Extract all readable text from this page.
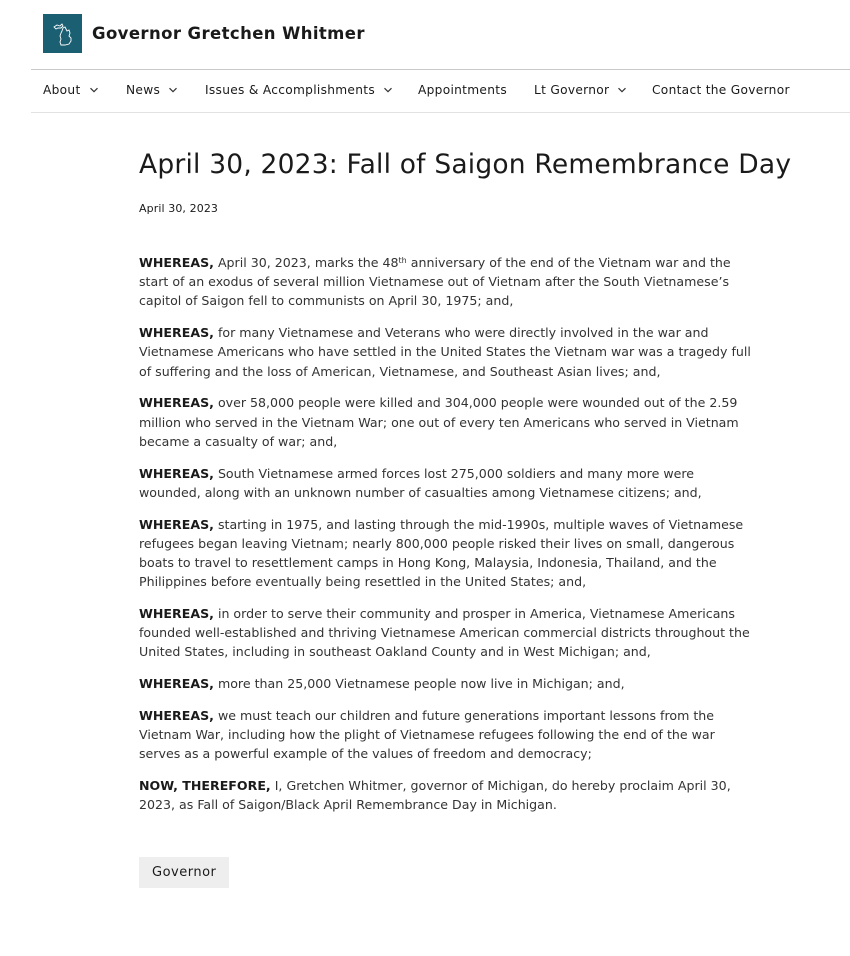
Governor Gretchen Whitmer
About	News	Issues & Accomplishments	Appointments Lt Governor	Contact the Governor
April 30, 2023: Fall of Saigon Remembrance Day
April 30, 2023

WHEREAS, April 30, 2023, marks the 48th anniversary of the end of the Vietnam war and the start of an exodus of several million Vietnamese out of Vietnam after the South Vietnamese’s capitol of Saigon fell to communists on April 30, 1975; and,

WHEREAS, for many Vietnamese and Veterans who were directly involved in the war and Vietnamese Americans who have settled in the United States the Vietnam war was a tragedy full of suffering and the loss of American, Vietnamese, and Southeast Asian lives; and,

WHEREAS, over 58,000 people were killed and 304,000 people were wounded out of the 2.59 million who served in the Vietnam War; one out of every ten Americans who served in Vietnam became a casualty of war; and,

WHEREAS, South Vietnamese armed forces lost 275,000 soldiers and many more were wounded, along with an unknown number of casualties among Vietnamese citizens; and,

WHEREAS, starting in 1975, and lasting through the mid-1990s, multiple waves of Vietnamese refugees began leaving Vietnam; nearly 800,000 people risked their lives on small, dangerous boats to travel to resettlement camps in Hong Kong, Malaysia, Indonesia, Thailand, and the Philippines before eventually being resettled in the United States; and,

WHEREAS, in order to serve their community and prosper in America, Vietnamese Americans founded well-established and thriving Vietnamese American commercial districts throughout the United States, including in southeast Oakland County and in West Michigan; and,

WHEREAS, more than 25,000 Vietnamese people now live in Michigan; and,

WHEREAS, we must teach our children and future generations important lessons from the Vietnam War, including how the plight of Vietnamese refugees following the end of the war serves as a powerful example of the values of freedom and democracy;

NOW, THEREFORE, I, Gretchen Whitmer, governor of Michigan, do hereby proclaim April 30, 2023, as Fall of Saigon/Black April Remembrance Day in Michigan.

Governor
